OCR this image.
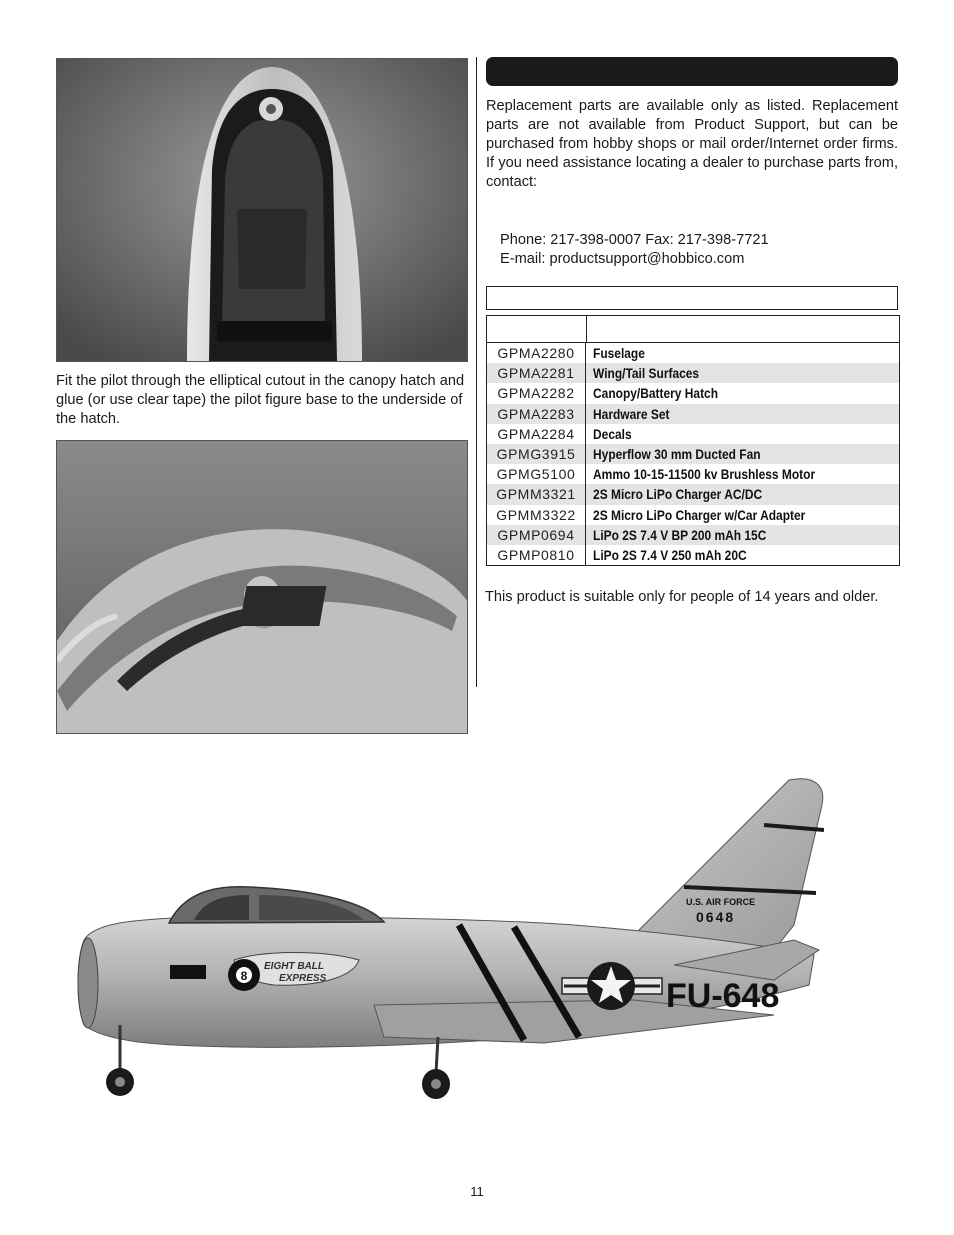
Fit the pilot through the elliptical cutout in the canopy hatch and glue (or use clear tape) the pilot figure base to the underside of the hatch.
Replacement parts are available only as listed. Replacement parts are not available from Product Support, but can be purchased from hobby shops or mail order/Internet order firms. If you need assistance locating a dealer to purchase parts from, contact:
Phone: 217-398-0007 Fax: 217-398-7721
E-mail: productsupport@hobbico.com
GPMA2280	Fuselage
GPMA2281	Wing/Tail Surfaces
GPMA2282	Canopy/Battery Hatch
GPMA2283	Hardware Set
GPMA2284	Decals
GPMG3915	Hyperflow 30 mm Ducted Fan
GPMG5100	Ammo 10-15-11500 kv Brushless Motor
GPMM3321	2S Micro LiPo Charger AC/DC
GPMM3322	2S Micro LiPo Charger w/Car Adapter
GPMP0694	LiPo 2S 7.4 V BP 200 mAh 15C
GPMP0810	LiPo 2S 7.4 V 250 mAh 20C
This product is suitable only for people of 14 years and older.
8
EIGHT BALL
EXPRESS	FU-648
U.S. AIR FORCE
0648
11
